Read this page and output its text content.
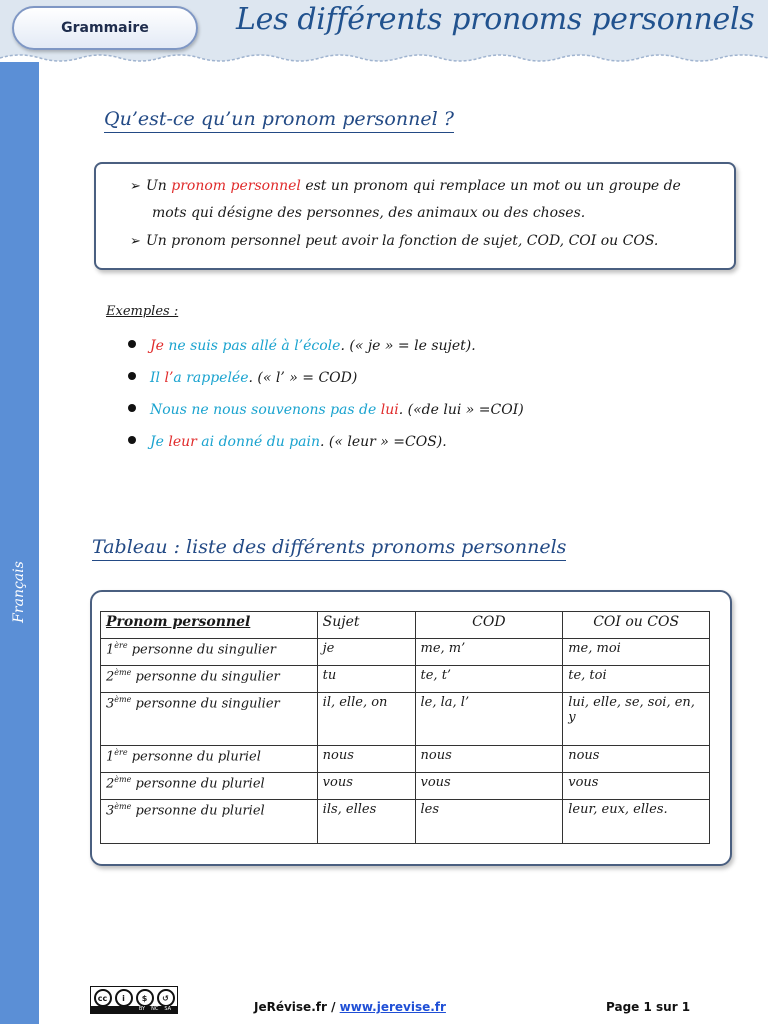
Grammaire	Les différents pronoms personnels
Français
Qu’est-ce qu’un pronom personnel ?
➢ Un pronom personnel est un pronom qui remplace un mot ou un groupe de
mots qui désigne des personnes, des animaux ou des choses.
➢ Un pronom personnel peut avoir la fonction de sujet, COD, COI ou COS.
Exemples :
Je ne suis pas allé à l’école. (« je » = le sujet).
Il l’a rappelée. (« l’ » = COD)
Nous ne nous souvenons pas de lui. («de lui » =COI)
Je leur ai donné du pain. (« leur » =COS).
Tableau : liste des différents pronoms personnels
Pronom personnel	Sujet	COD	COI ou COS
1ère personne du singulier	je	me, m’	me, moi
2ème personne du singulier	tu	te, t’	te, toi
3ème personne du singulier	il, elle, on	le, la, l’	lui, elle, se, soi, en, y
1ère personne du pluriel	nous	nous	nous
2ème personne du pluriel	vous	vous	vous
3ème personne du pluriel	ils, elles	les	leur, eux, elles.
cc	i	$	↺
BY NC SA	JeRévise.fr / www.jerevise.fr	Page 1 sur 1
